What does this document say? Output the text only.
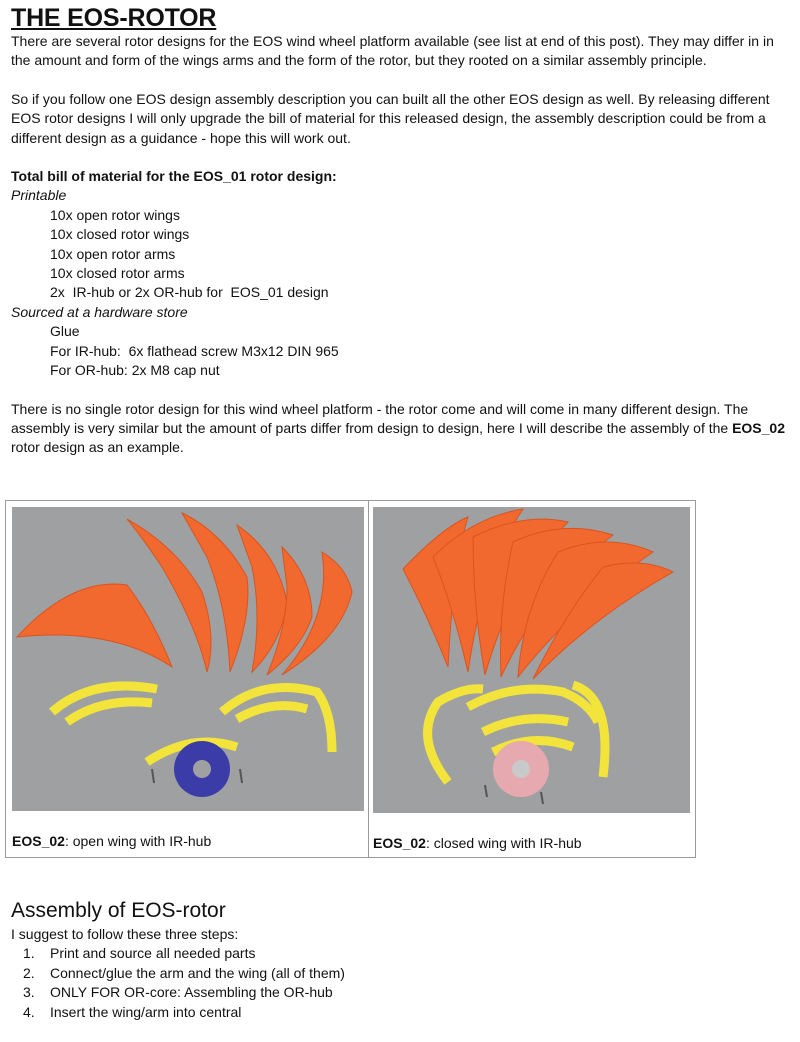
THE EOS-ROTOR

There are several rotor designs for the EOS wind wheel platform available (see list at end of this post). They may differ in in the amount and form of the wings arms and the form of the rotor, but they rooted on a similar assembly principle.

So if you follow one EOS design assembly description you can built all the other EOS design as well. By releasing different EOS rotor designs I will only upgrade the bill of material for this released design, the assembly description could be from a different design as a guidance - hope this will work out.

Total bill of material for the EOS_01 rotor design:

Printable

10x open rotor wings

10x closed rotor wings

10x open rotor arms

10x closed rotor arms

2x  IR-hub or 2x OR-hub for  EOS_01 design

Sourced at a hardware store

Glue

For IR-hub:  6x flathead screw M3x12 DIN 965

For OR-hub: 2x M8 cap nut

There is no single rotor design for this wind wheel platform - the rotor come and will come in many different design. The assembly is very similar but the amount of parts differ from design to design, here I will describe the assembly of the EOS_02 rotor design as an example.

EOS_02: open wing with IR-hub	EOS_02: closed wing with IR-hub
Assembly of EOS-rotor

I suggest to follow these three steps:

1. Print and source all needed parts
2. Connect/glue the arm and the wing (all of them)
3. ONLY FOR OR-core: Assembling the OR-hub
4. Insert the wing/arm into central
